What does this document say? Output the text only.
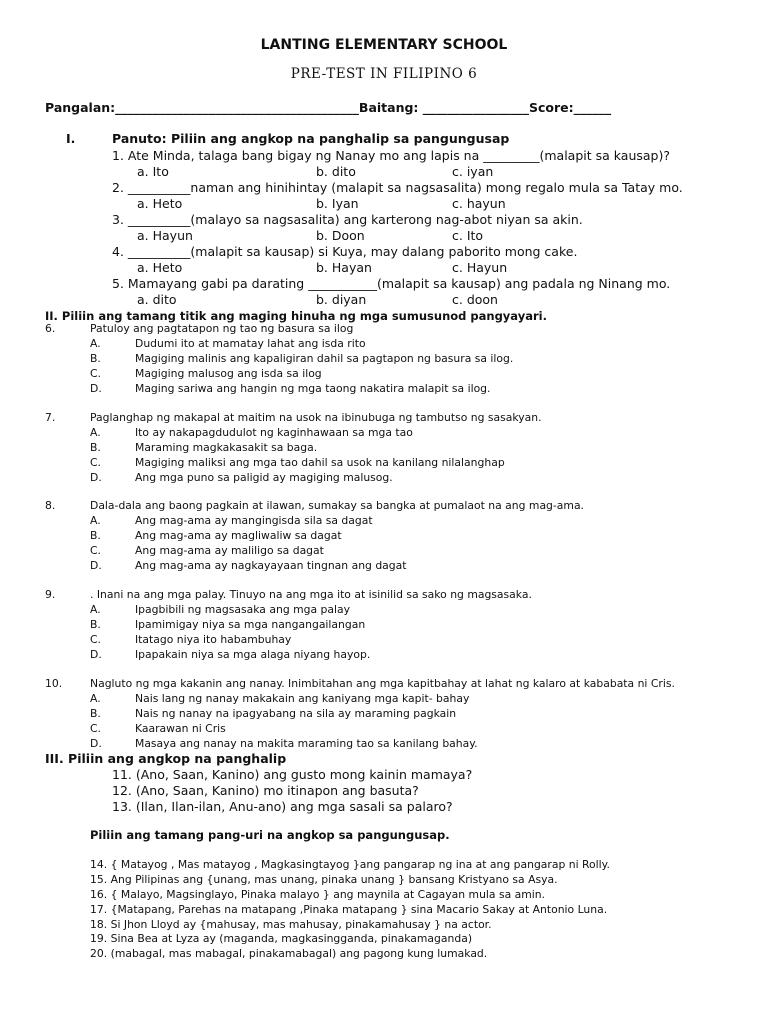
LANTING ELEMENTARY SCHOOL
PRE-TEST IN FILIPINO 6
Pangalan:_______________________________________Baitang: _________________Score:______
I.	Panuto: Piliin ang angkop na panghalip sa pangungusap
1. Ate Minda, talaga bang bigay ng Nanay mo ang lapis na _________(malapit sa kausap)?
a. Ito	b. dito	c. iyan
2. __________naman ang hinihintay (malapit sa nagsasalita) mong regalo mula sa Tatay mo.
a. Heto	b. Iyan	c. hayun
3. __________(malayo sa nagsasalita) ang karterong nag-abot niyan sa akin.
a. Hayun	b. Doon	c. Ito
4. __________(malapit sa kausap) si Kuya, may dalang paborito mong cake.
a. Heto	b. Hayan	c. Hayun
5. Mamayang gabi pa darating ___________(malapit sa kausap) ang padala ng Ninang mo.
a. dito	b. diyan	c. doon
II. Piliin ang tamang titik ang maging hinuha ng mga sumusunod pangyayari.
6.	Patuloy ang pagtatapon ng tao ng basura sa ilog
A.	Dudumi ito at mamatay lahat ang isda rito
B.	Magiging malinis ang kapaligiran dahil sa pagtapon ng basura sa ilog.
C.	Magiging malusog ang isda sa ilog
D.	Maging sariwa ang hangin ng mga taong nakatira malapit sa ilog.
7.	Paglanghap ng makapal at maitim na usok na ibinubuga ng tambutso ng sasakyan.
A.	Ito ay nakapagdudulot ng kaginhawaan sa mga tao
B.	Maraming magkakasakit sa baga.
C.	Magiging maliksi ang mga tao dahil sa usok na kanilang nilalanghap
D.	Ang mga puno sa paligid ay magiging malusog.
8.	Dala-dala ang baong pagkain at ilawan, sumakay sa bangka at pumalaot na ang mag-ama.
A.	Ang mag-ama ay mangingisda sila sa dagat
B.	Ang mag-ama ay magliwaliw sa dagat
C.	Ang mag-ama ay maliligo sa dagat
D.	Ang mag-ama ay nagkayayaan tingnan ang dagat
9.	. Inani na ang mga palay. Tinuyo na ang mga ito at isinilid sa sako ng magsasaka.
A.	Ipagbibili ng magsasaka ang mga palay
B.	Ipamimigay niya sa mga nangangailangan
C.	Itatago niya ito habambuhay
D.	Ipapakain niya sa mga alaga niyang hayop.
10.	Nagluto ng mga kakanin ang nanay. Inimbitahan ang mga kapitbahay at lahat ng kalaro at kababata ni Cris.
A.	Nais lang ng nanay makakain ang kaniyang mga kapit- bahay
B.	Nais ng nanay na ipagyabang na sila ay maraming pagkain
C.	Kaarawan ni Cris
D.	Masaya ang nanay na makita maraming tao sa kanilang bahay.
III. Piliin ang angkop na panghalip
11. (Ano, Saan, Kanino) ang gusto mong kainin mamaya?
12. (Ano, Saan, Kanino) mo itinapon ang basuta?
13. (Ilan, Ilan-ilan, Anu-ano) ang mga sasali sa palaro?
Piliin ang tamang pang-uri na angkop sa pangungusap.
14. { Matayog , Mas matayog , Magkasingtayog }ang pangarap ng ina at ang pangarap ni Rolly.
15. Ang Pilipinas ang {unang, mas unang, pinaka unang } bansang Kristyano sa Asya.
16. { Malayo, Magsinglayo, Pinaka malayo } ang maynila at Cagayan mula sa amin.
17. {Matapang, Parehas na matapang ,Pinaka matapang } sina Macario Sakay at Antonio Luna.
18. Si Jhon Lloyd ay {mahusay, mas mahusay, pinakamahusay } na actor.
19. Sina Bea at Lyza ay (maganda, magkasingganda, pinakamaganda)
20. (mabagal, mas mabagal, pinakamabagal) ang pagong kung lumakad.
